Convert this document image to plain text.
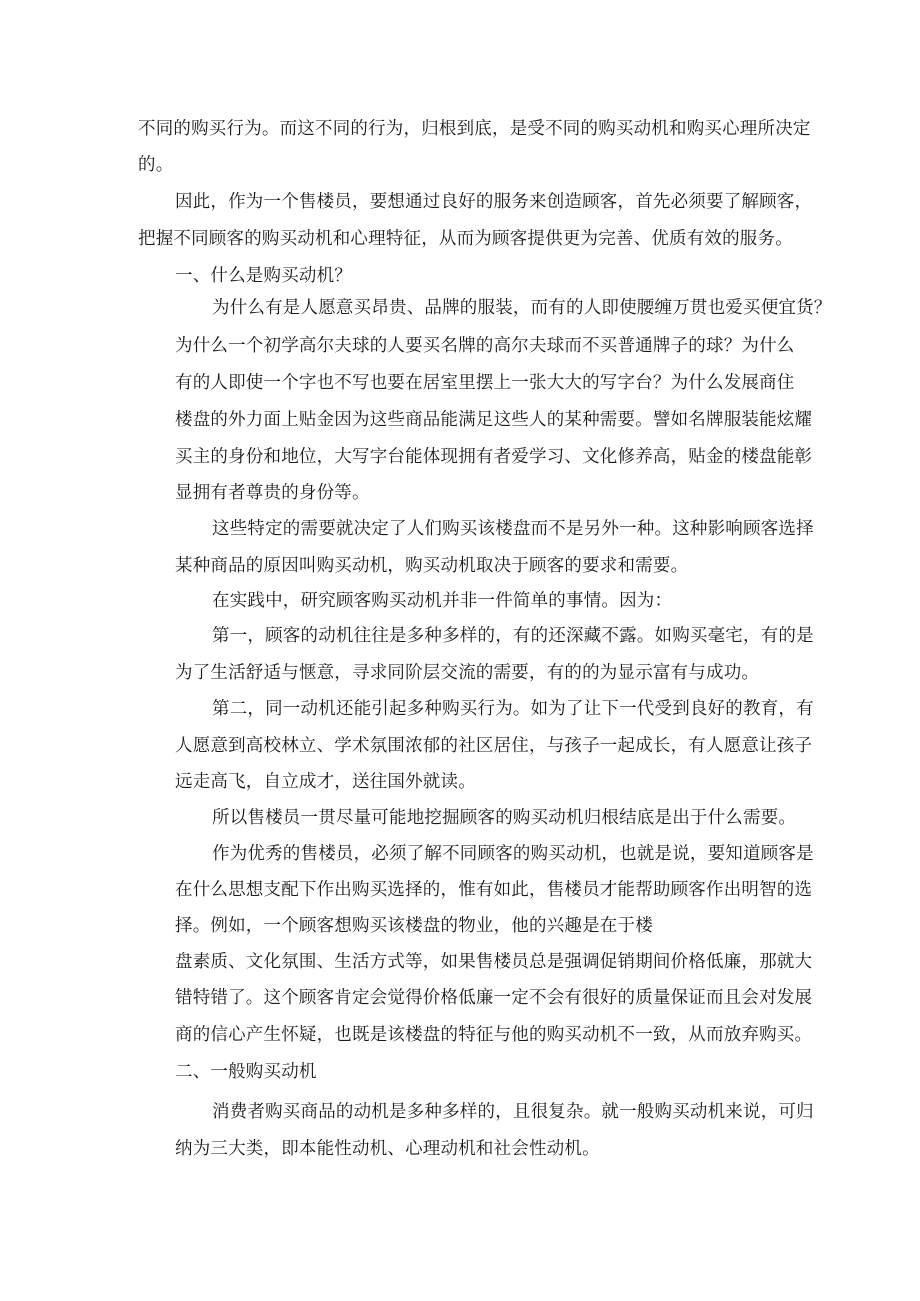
不同的购买行为。而这不同的行为，归根到底，是受不同的购买动机和购买心理所决定
的。
因此，作为一个售楼员，要想通过良好的服务来创造顾客，首先必须要了解顾客，
把握不同顾客的购买动机和心理特征，从而为顾客提供更为完善、优质有效的服务。
一、什么是购买动机？
为什么有是人愿意买昂贵、品牌的服装，而有的人即使腰缠万贯也爱买便宜货？
为什么一个初学高尔夫球的人要买名牌的高尔夫球而不买普通牌子的球？为什么
有的人即使一个字也不写也要在居室里摆上一张大大的写字台？为什么发展商住
楼盘的外力面上贴金因为这些商品能满足这些人的某种需要。譬如名牌服装能炫耀
买主的身份和地位，大写字台能体现拥有者爱学习、文化修养高，贴金的楼盘能彰
显拥有者尊贵的身份等。
这些特定的需要就决定了人们购买该楼盘而不是另外一种。这种影响顾客选择
某种商品的原因叫购买动机，购买动机取决于顾客的要求和需要。
在实践中，研究顾客购买动机并非一件简单的事情。因为：
第一，顾客的动机往往是多种多样的，有的还深藏不露。如购买毫宅，有的是
为了生活舒适与惬意，寻求同阶层交流的需要，有的的为显示富有与成功。
第二，同一动机还能引起多种购买行为。如为了让下一代受到良好的教育，有
人愿意到高校林立、学术氛围浓郁的社区居住，与孩子一起成长，有人愿意让孩子
远走高飞，自立成才，送往国外就读。
所以售楼员一贯尽量可能地挖掘顾客的购买动机归根结底是出于什么需要。
作为优秀的售楼员，必须了解不同顾客的购买动机，也就是说，要知道顾客是
在什么思想支配下作出购买选择的，惟有如此，售楼员才能帮助顾客作出明智的选
择。例如，一个顾客想购买该楼盘的物业，他的兴趣是在于楼
盘素质、文化氛围、生活方式等，如果售楼员总是强调促销期间价格低廉，那就大
错特错了。这个顾客肯定会觉得价格低廉一定不会有很好的质量保证而且会对发展
商的信心产生怀疑，也既是该楼盘的特征与他的购买动机不一致，从而放弃购买。
二、一般购买动机
消费者购买商品的动机是多种多样的，且很复杂。就一般购买动机来说，可归
纳为三大类，即本能性动机、心理动机和社会性动机。
